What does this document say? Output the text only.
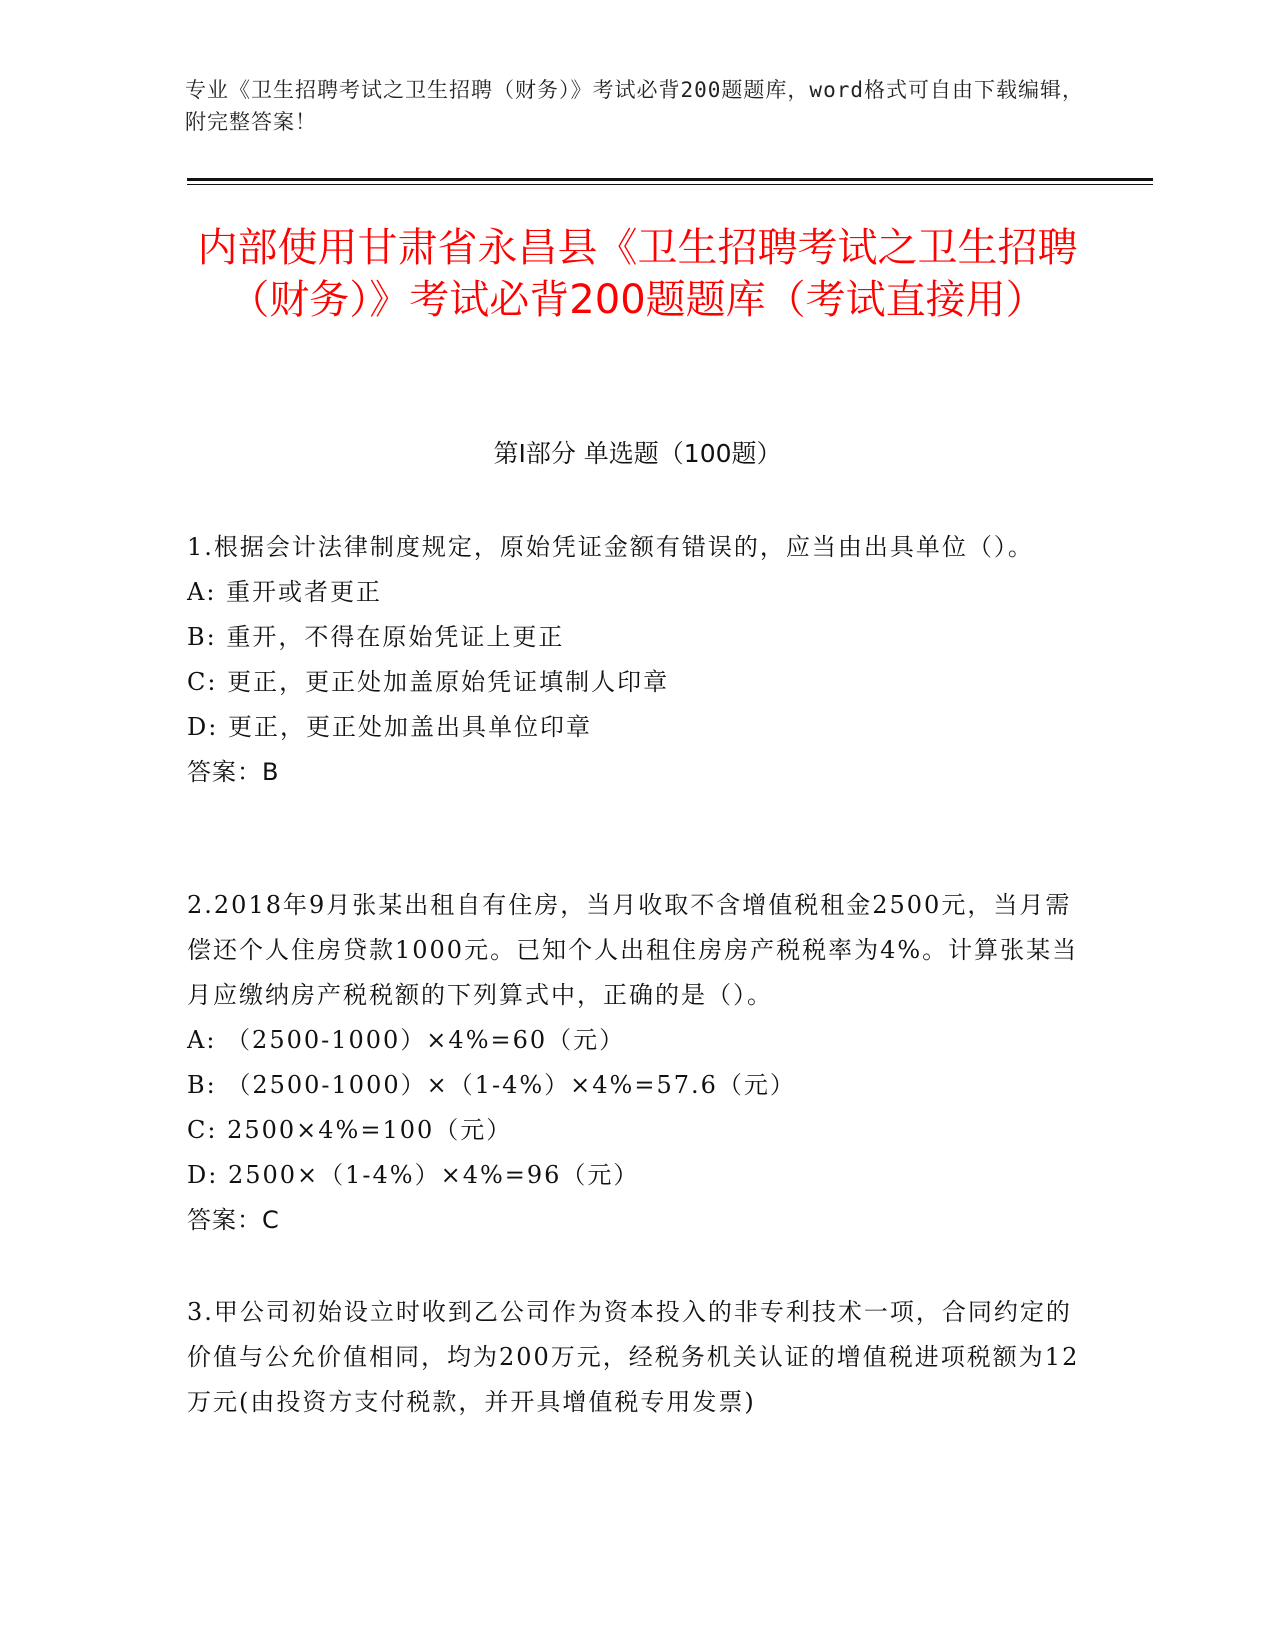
专业《卫生招聘考试之卫生招聘（财务）》考试必背200题题库，word格式可自由下载编辑，附完整答案！
内部使用甘肃省永昌县《卫生招聘考试之卫生招聘（财务）》考试必背200题题库（考试直接用）
第I部分 单选题（100题）
1.根据会计法律制度规定，原始凭证金额有错误的，应当由出具单位（）。
A: 重开或者更正
B: 重开，不得在原始凭证上更正
C: 更正，更正处加盖原始凭证填制人印章
D: 更正，更正处加盖出具单位印章
答案：B
2.2018年9月张某出租自有住房，当月收取不含增值税租金2500元，当月需偿还个人住房贷款1000元。已知个人出租住房房产税税率为4%。计算张某当月应缴纳房产税税额的下列算式中，正确的是（）。
A: （2500-1000）×4%=60（元）
B: （2500-1000）×（1-4%）×4%=57.6（元）
C: 2500×4%=100（元）
D: 2500×（1-4%）×4%=96（元）
答案：C
3.甲公司初始设立时收到乙公司作为资本投入的非专利技术一项，合同约定的价值与公允价值相同，均为200万元，经税务机关认证的增值税进项税额为12万元(由投资方支付税款，并开具增值税专用发票)
